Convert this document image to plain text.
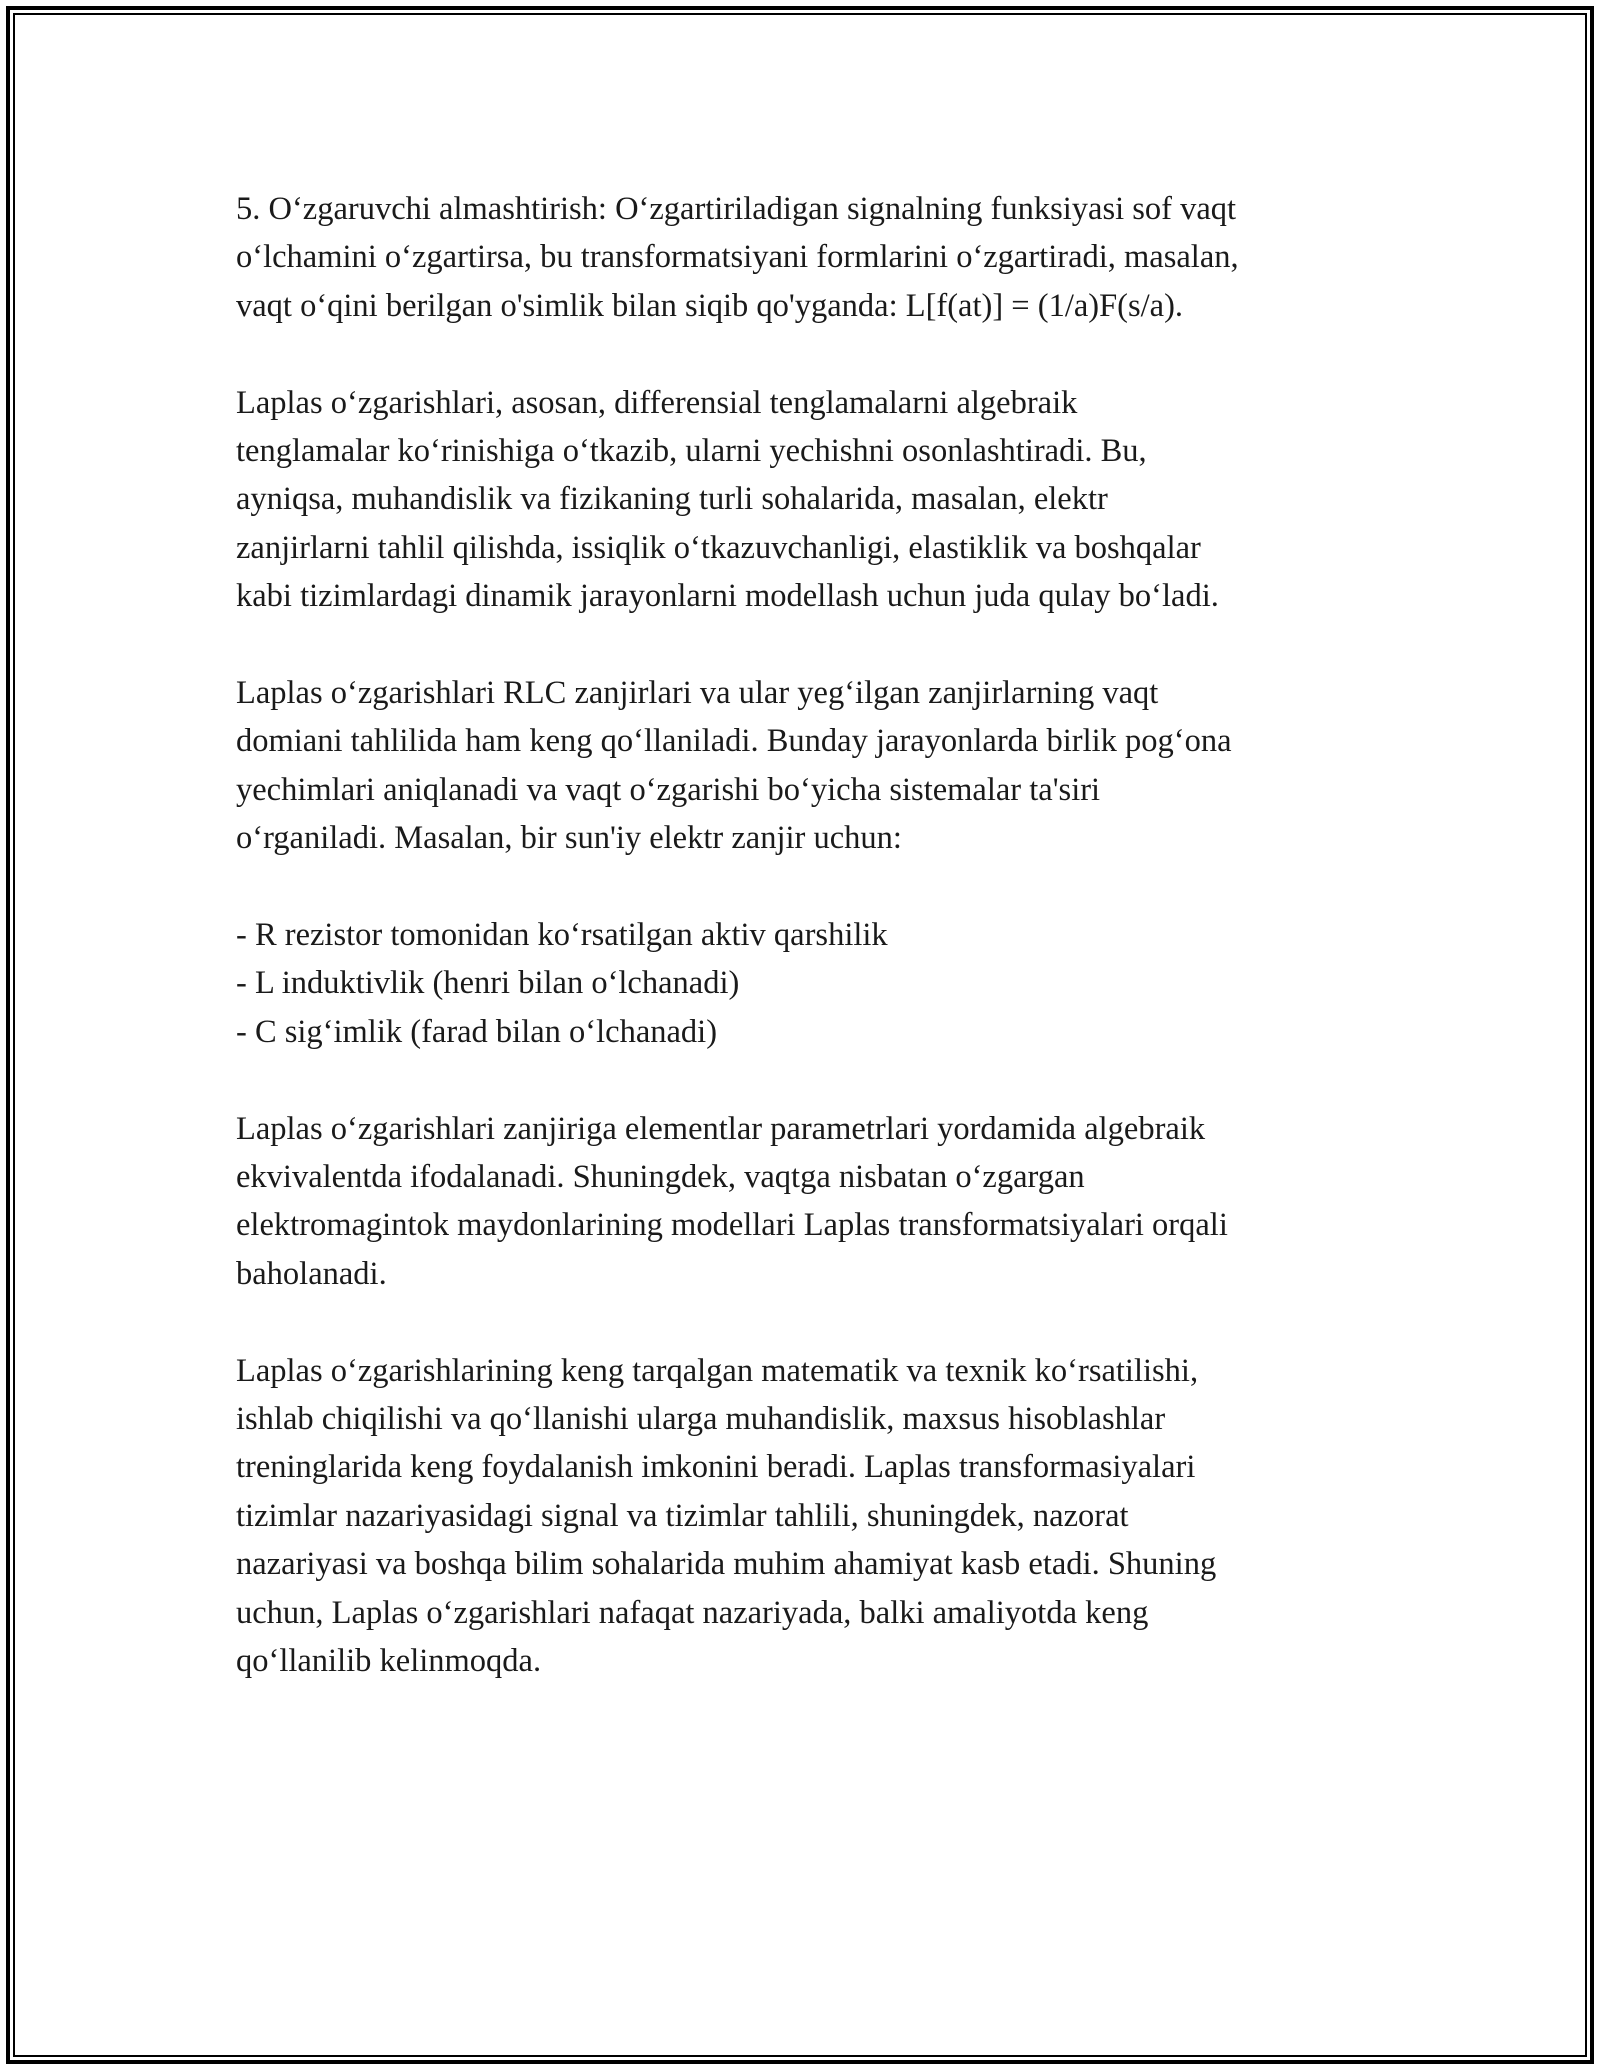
5. O‘zgaruvchi almashtirish: O‘zgartiriladigan signalning funksiyasi sof vaqt
o‘lchamini o‘zgartirsa, bu transformatsiyani formlarini o‘zgartiradi, masalan,
vaqt o‘qini berilgan o'simlik bilan siqib qo'yganda: L[f(at)] = (1/a)F(s/a).

Laplas o‘zgarishlari, asosan, differensial tenglamalarni algebraik
tenglamalar ko‘rinishiga o‘tkazib, ularni yechishni osonlashtiradi. Bu,
ayniqsa, muhandislik va fizikaning turli sohalarida, masalan, elektr
zanjirlarni tahlil qilishda, issiqlik o‘tkazuvchanligi, elastiklik va boshqalar
kabi tizimlardagi dinamik jarayonlarni modellash uchun juda qulay bo‘ladi.

Laplas o‘zgarishlari RLC zanjirlari va ular yeg‘ilgan zanjirlarning vaqt
domiani tahlilida ham keng qo‘llaniladi. Bunday jarayonlarda birlik pog‘ona
yechimlari aniqlanadi va vaqt o‘zgarishi bo‘yicha sistemalar ta'siri
o‘rganiladi. Masalan, bir sun'iy elektr zanjir uchun:

- R rezistor tomonidan ko‘rsatilgan aktiv qarshilik
- L induktivlik (henri bilan o‘lchanadi)
- C sig‘imlik (farad bilan o‘lchanadi)

Laplas o‘zgarishlari zanjiriga elementlar parametrlari yordamida algebraik
ekvivalentda ifodalanadi. Shuningdek, vaqtga nisbatan o‘zgargan
elektromagintok maydonlarining modellari Laplas transformatsiyalari orqali
baholanadi.

Laplas o‘zgarishlarining keng tarqalgan matematik va texnik ko‘rsatilishi,
ishlab chiqilishi va qo‘llanishi ularga muhandislik, maxsus hisoblashlar
treninglarida keng foydalanish imkonini beradi. Laplas transformasiyalari
tizimlar nazariyasidagi signal va tizimlar tahlili, shuningdek, nazorat
nazariyasi va boshqa bilim sohalarida muhim ahamiyat kasb etadi. Shuning
uchun, Laplas o‘zgarishlari nafaqat nazariyada, balki amaliyotda keng
qo‘llanilib kelinmoqda.
